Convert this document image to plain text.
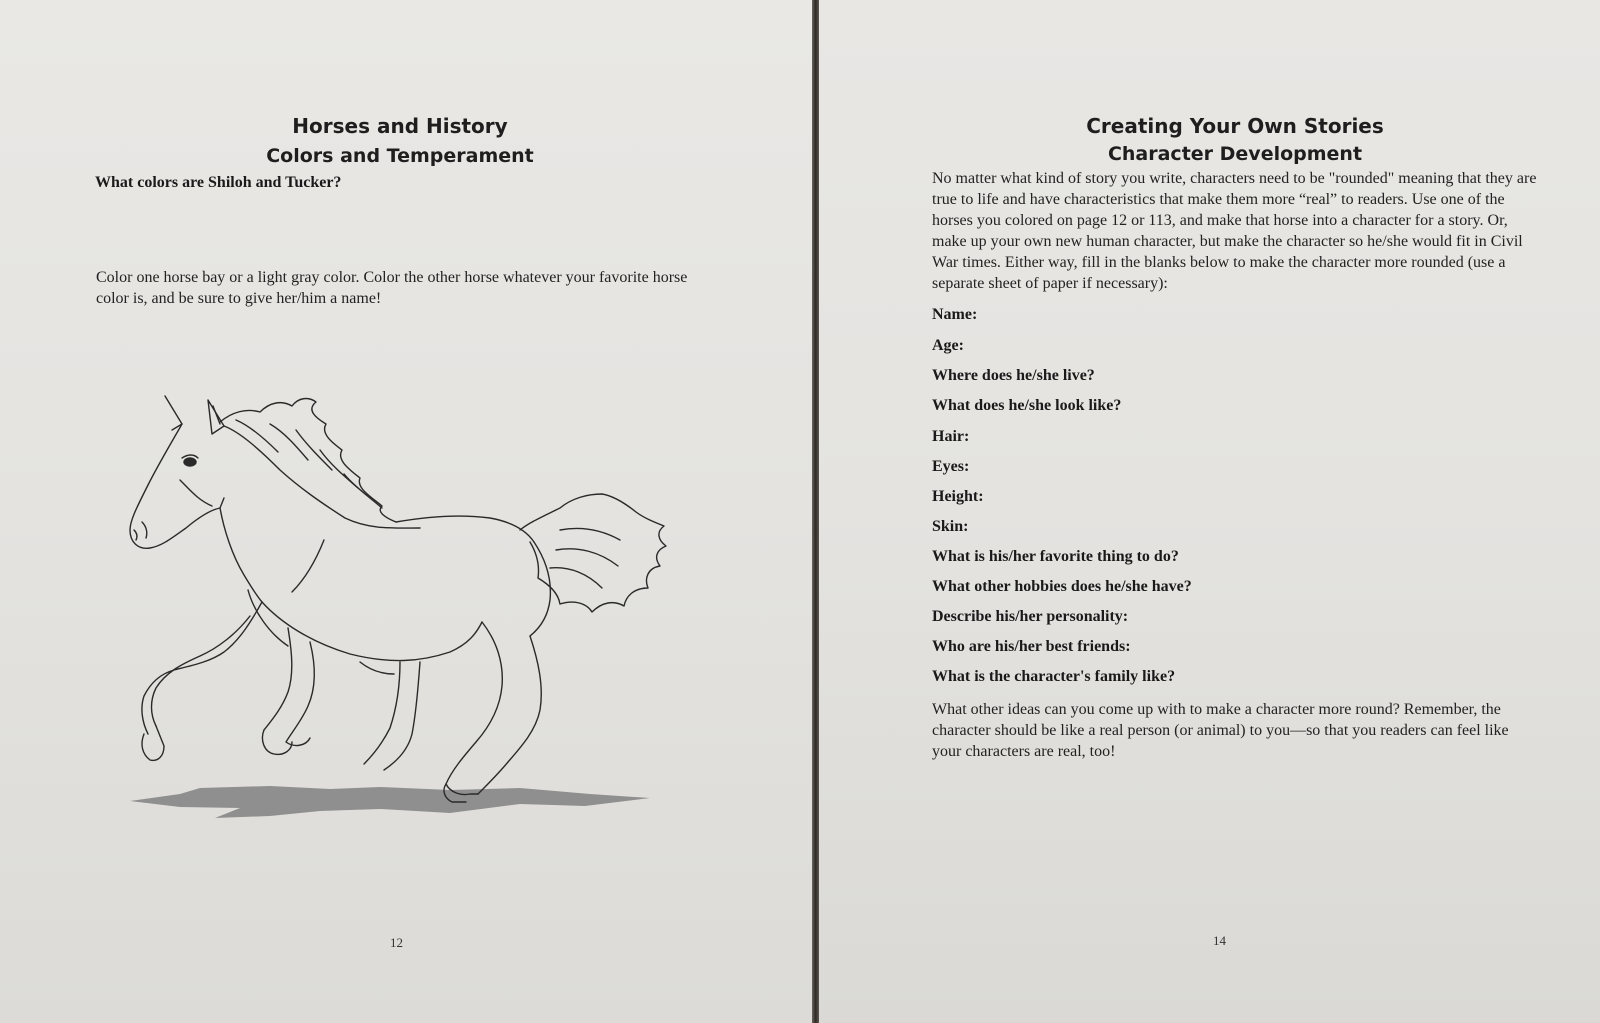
Horses and History
Colors and Temperament
What colors are Shiloh and Tucker?
Color one horse bay or a light gray color. Color the other horse whatever your favorite horse color is, and be sure to give her/him a name!
12
Creating Your Own Stories
Character Development
No matter what kind of story you write, characters need to be "rounded" meaning that they are true to life and have characteristics that make them more “real” to readers. Use one of the horses you colored on page 12 or 113, and make that horse into a character for a story. Or, make up your own new human character, but make the character so he/she would fit in Civil War times. Either way, fill in the blanks below to make the character more rounded (use a separate sheet of paper if necessary):
Name:
Age:
Where does he/she live?
What does he/she look like?
Hair:
Eyes:
Height:
Skin:
What is his/her favorite thing to do?
What other hobbies does he/she have?
Describe his/her personality:
Who are his/her best friends:
What is the character's family like?
What other ideas can you come up with to make a character more round? Remember, the character should be like a real person (or animal) to you—so that you readers can feel like your characters are real, too!
14
